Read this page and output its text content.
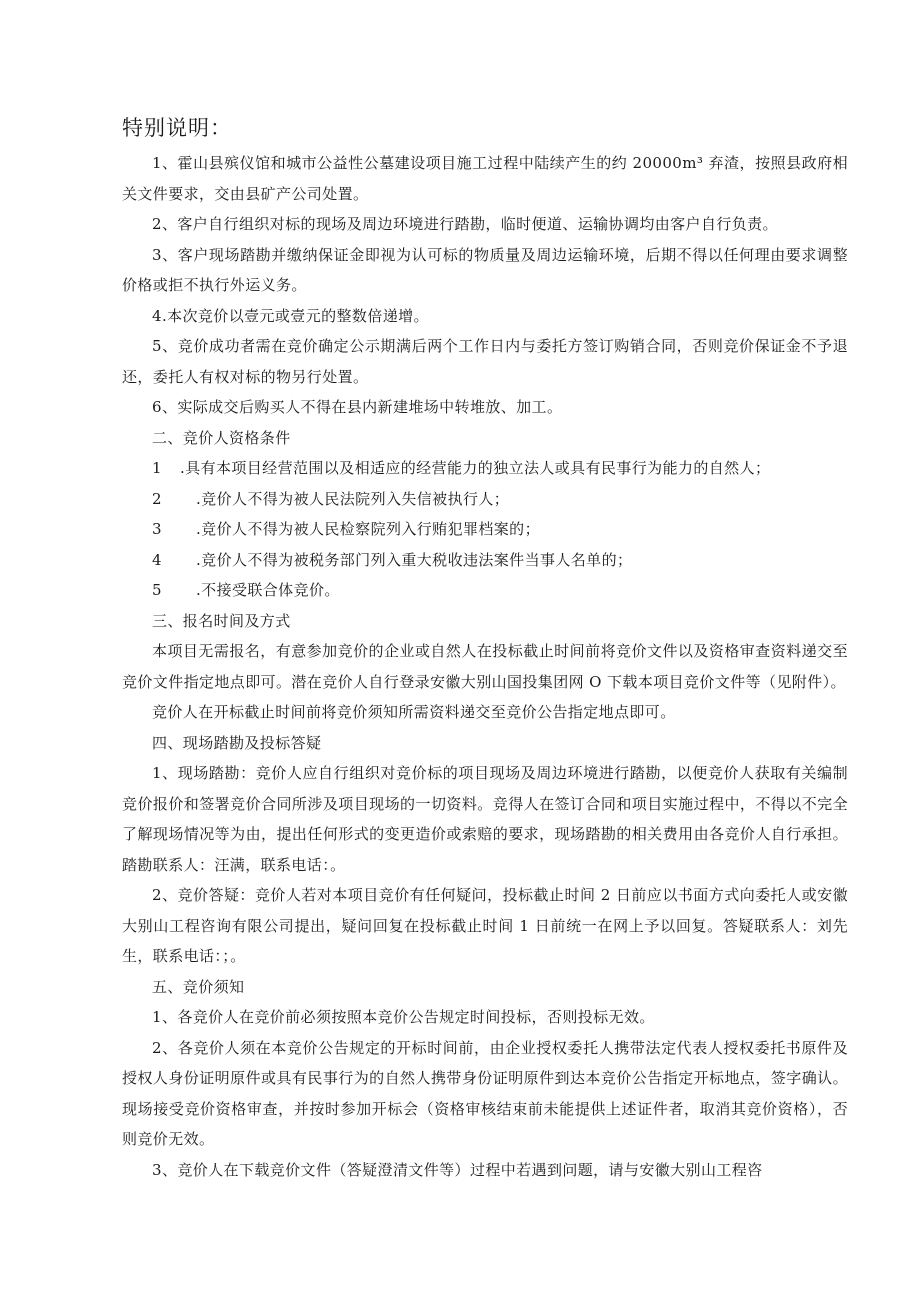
特别说明：

1、霍山县殡仪馆和城市公益性公墓建设项目施工过程中陆续产生的约 20000m³ 弃渣，按照县政府相关文件要求，交由县矿产公司处置。

2、客户自行组织对标的现场及周边环境进行踏勘，临时便道、运输协调均由客户自行负责。

3、客户现场踏勘并缴纳保证金即视为认可标的物质量及周边运输环境，后期不得以任何理由要求调整价格或拒不执行外运义务。

4.本次竞价以壹元或壹元的整数倍递增。

5、竞价成功者需在竞价确定公示期满后两个工作日内与委托方签订购销合同，否则竞价保证金不予退还，委托人有权对标的物另行处置。

6、实际成交后购买人不得在县内新建堆场中转堆放、加工。

二、竞价人资格条件

1	.具有本项目经营范围以及相适应的经营能力的独立法人或具有民事行为能力的自然人；
2	.竞价人不得为被人民法院列入失信被执行人；
3	.竞价人不得为被人民检察院列入行贿犯罪档案的；
4	.竞价人不得为被税务部门列入重大税收违法案件当事人名单的；
5	.不接受联合体竞价。

三、报名时间及方式

本项目无需报名，有意参加竞价的企业或自然人在投标截止时间前将竞价文件以及资格审查资料递交至竞价文件指定地点即可。潜在竞价人自行登录安徽大别山国投集团网 O 下载本项目竞价文件等（见附件）。

竞价人在开标截止时间前将竞价须知所需资料递交至竞价公告指定地点即可。

四、现场踏勘及投标答疑

1、现场踏勘：竞价人应自行组织对竞价标的项目现场及周边环境进行踏勘，以便竞价人获取有关编制竞价报价和签署竞价合同所涉及项目现场的一切资料。竞得人在签订合同和项目实施过程中，不得以不完全了解现场情况等为由，提出任何形式的变更造价或索赔的要求，现场踏勘的相关费用由各竞价人自行承担。踏勘联系人：汪满，联系电话：。

2、竞价答疑：竞价人若对本项目竞价有任何疑问，投标截止时间 2 日前应以书面方式向委托人或安徽大别山工程咨询有限公司提出，疑问回复在投标截止时间 1 日前统一在网上予以回复。答疑联系人：刘先生，联系电话：；。

五、竞价须知

1、各竞价人在竞价前必须按照本竞价公告规定时间投标，否则投标无效。

2、各竞价人须在本竞价公告规定的开标时间前，由企业授权委托人携带法定代表人授权委托书原件及授权人身份证明原件或具有民事行为的自然人携带身份证明原件到达本竞价公告指定开标地点，签字确认。现场接受竞价资格审查，并按时参加开标会（资格审核结束前未能提供上述证件者，取消其竞价资格），否则竞价无效。

3、竞价人在下载竞价文件（答疑澄清文件等）过程中若遇到问题，请与安徽大别山工程咨
